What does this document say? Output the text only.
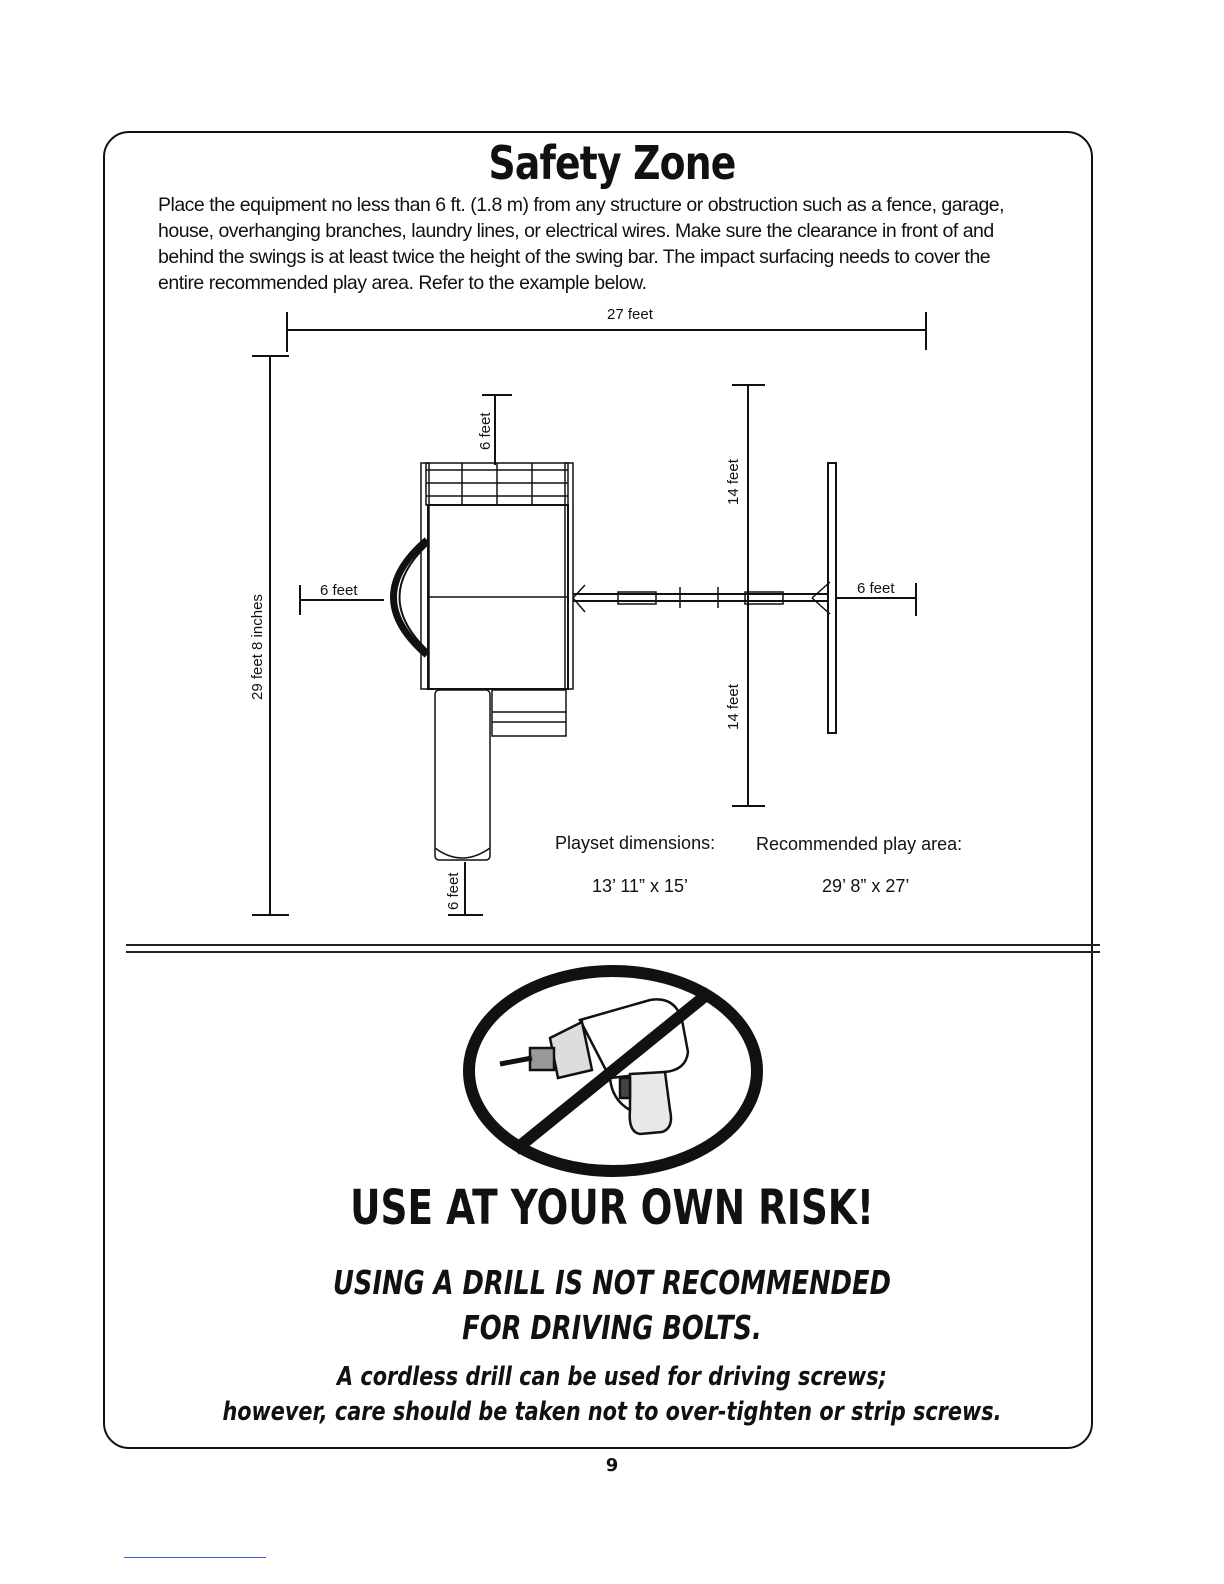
Safety Zone

Place the equipment no less than 6 ft. (1.8 m) from any structure or obstruction such as a fence, garage,

house, overhanging branches, laundry lines, or electrical wires. Make sure the clearance in front of and

behind the swings is at least twice the height of the swing bar. The impact surfacing needs to cover the

entire recommended play area. Refer to the example below.

27 feet
29 feet 8 inches
6 feet
6 feet	6 feet
6 feet
14 feet
14 feet
Playset dimensions:
13’ 11” x 15’
Recommended play area:
29’ 8” x 27’
USE AT YOUR OWN RISK!
USING A DRILL IS NOT RECOMMENDED
FOR DRIVING BOLTS.
A cordless drill can be used for driving screws;
however, care should be taken not to over-tighten or strip screws.
9
